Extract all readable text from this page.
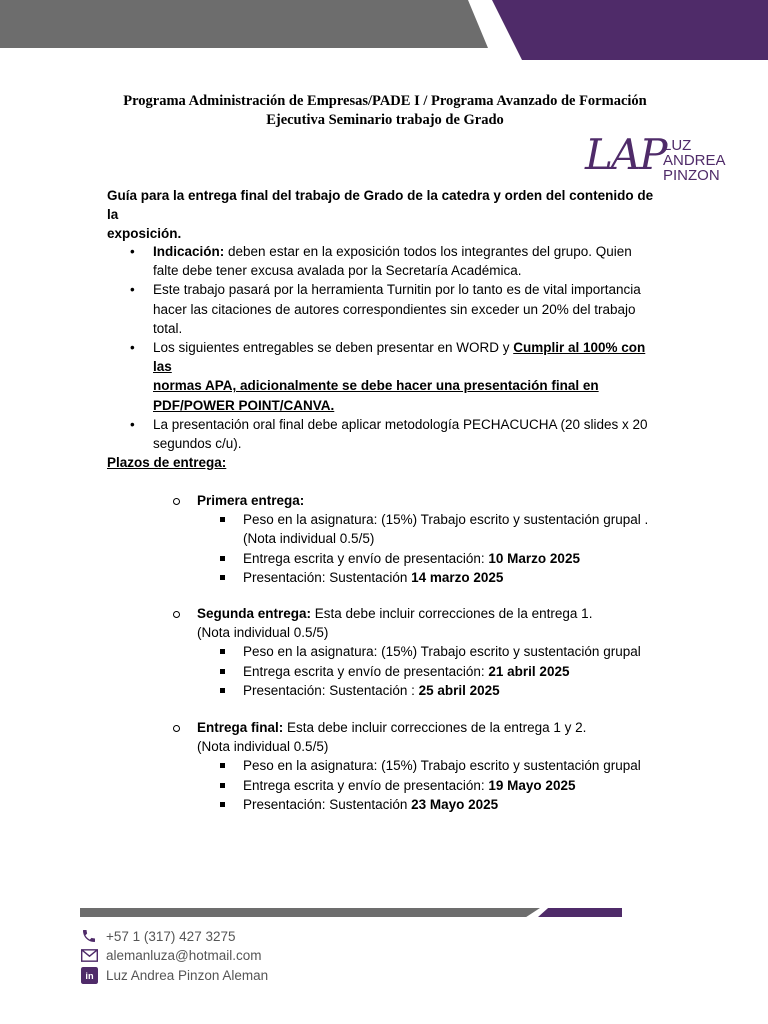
Programa Administración de Empresas/PADE I / Programa Avanzado de Formación
Ejecutiva Seminario trabajo de Grado
LAP
LUZ
ANDREA
PINZON
Guía para la entrega final del trabajo de Grado de la catedra y orden del contenido de la
exposición.
• Indicación: deben estar en la exposición todos los integrantes del grupo. Quien
falte debe tener excusa avalada por la Secretaría Académica.
• Este trabajo pasará por la herramienta Turnitin por lo tanto es de vital importancia
hacer las citaciones de autores correspondientes sin exceder un 20% del trabajo
total.
• Los siguientes entregables se deben presentar en WORD y Cumplir al 100% con las
normas APA, adicionalmente se debe hacer una presentación final en
PDF/POWER POINT/CANVA.
• La presentación oral final debe aplicar metodología PECHACUCHA (20 slides x 20
segundos c/u).
Plazos de entrega:
Primera entrega:
Peso en la asignatura: (15%) Trabajo escrito y sustentación grupal .
(Nota individual 0.5/5)
Entrega escrita y envío de presentación: 10 Marzo 2025
Presentación: Sustentación 14 marzo 2025
Segunda entrega: Esta debe incluir correcciones de la entrega 1.
(Nota individual 0.5/5)
Peso en la asignatura: (15%) Trabajo escrito y sustentación grupal
Entrega escrita y envío de presentación: 21 abril 2025
Presentación: Sustentación : 25 abril 2025
Entrega final: Esta debe incluir correcciones de la entrega 1 y 2.
(Nota individual 0.5/5)
Peso en la asignatura: (15%) Trabajo escrito y sustentación grupal
Entrega escrita y envío de presentación: 19 Mayo 2025
Presentación: Sustentación 23 Mayo 2025
+57 1 (317) 427 3275
alemanluza@hotmail.com
in Luz Andrea Pinzon Aleman
